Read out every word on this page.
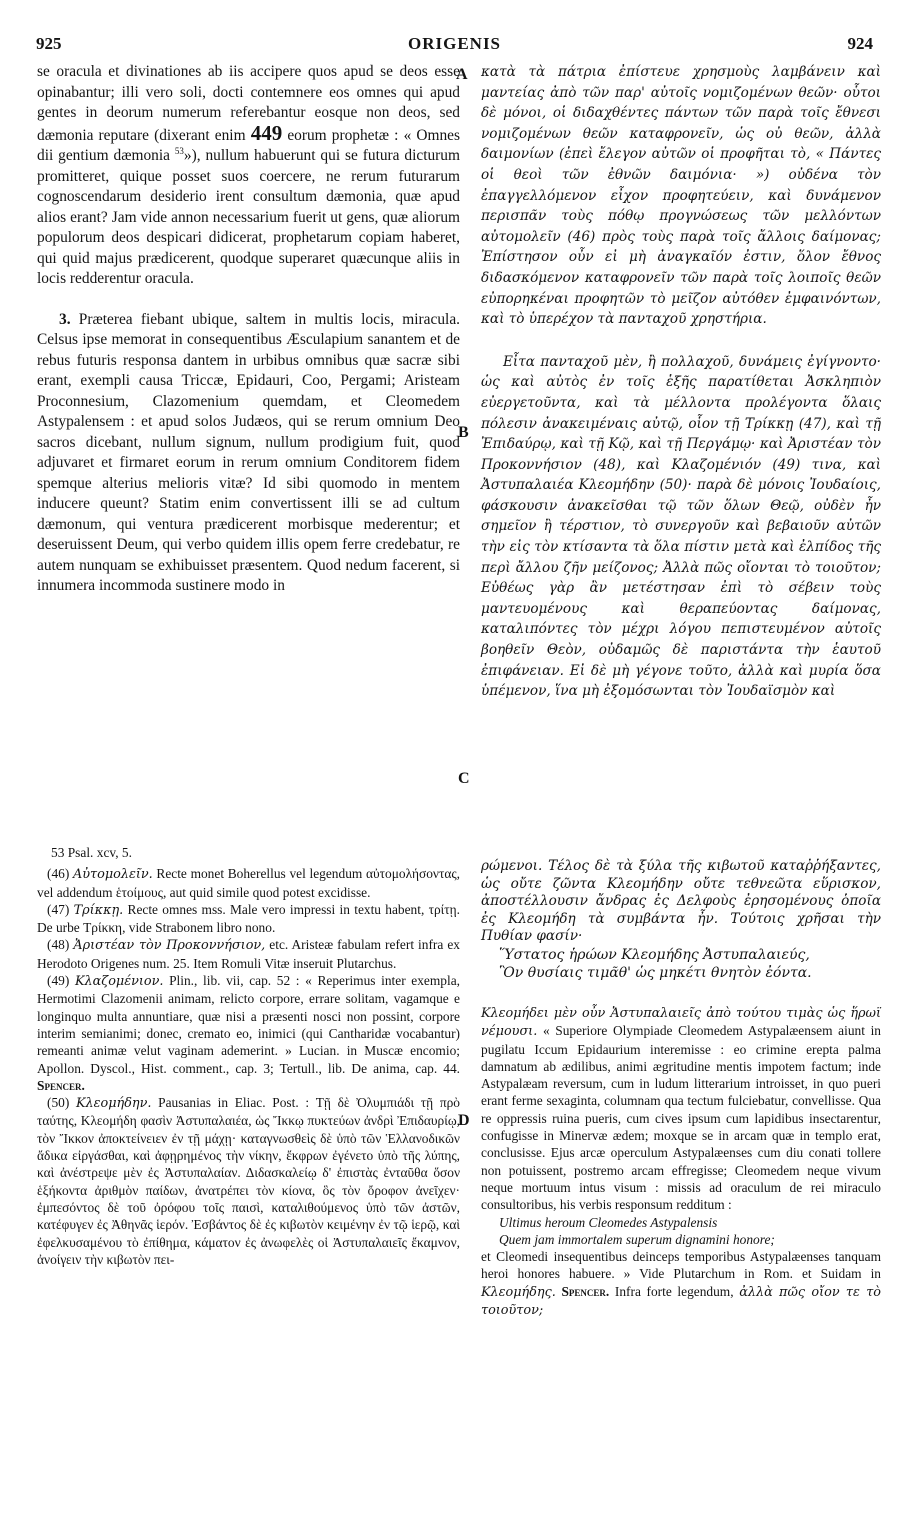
925	ORIGENIS	924

se oracula et divinationes ab iis accipere quos apud se deos esse opinabantur; illi vero soli, docti contemnere eos omnes qui apud gentes in deorum numerum referebantur eosque non deos, sed dæmonia reputare (dixerant enim 449 eorum prophetæ : « Omnes dii gentium dæmonia $^{53}$»), nullum habuerunt qui se futura dicturum promitteret, quique posset suos coercere, ne rerum futurarum cognoscendarum desiderio irent consultum dæmonia, quæ apud alios erant? Jam vide annon necessarium fuerit ut gens, quæ aliorum populorum deos despicari didicerat, prophetarum copiam haberet, qui quid majus prædicerent, quodque superaret quæcunque aliis in locis redderentur oracula.

3. Præterea fiebant ubique, saltem in multis locis, miracula. Celsus ipse memorat in consequentibus Æsculapium sanantem et de rebus futuris responsa dantem in urbibus omnibus quæ sacræ sibi erant, exempli causa Triccæ, Epidauri, Coo, Pergami; Aristeam Proconnesium, Clazomenium quemdam, et Cleomedem Astypalensem : et apud solos Judæos, qui se rerum omnium Deo sacros dicebant, nullum signum, nullum prodigium fuit, quod adjuvaret et firmaret eorum in rerum omnium Conditorem fidem spemque alterius melioris vitæ? Id sibi quomodo in mentem inducere queunt? Statim enim convertissent illi se ad cultum dæmonum, qui ventura prædicerent morbisque mederentur; et deseruissent Deum, qui verbo quidem illis opem ferre credebatur, re autem nunquam se exhibuisset præsentem. Quod nedum facerent, si innumera incommoda sustinere modo in

κατὰ τὰ πάτρια ἐπίστευε χρησμοὺς λαμβάνειν καὶ μαντείας ἀπὸ τῶν παρ' αὐτοῖς νομιζομένων θεῶν· οὗτοι δὲ μόνοι, οἱ διδαχθέντες πάντων τῶν παρὰ τοῖς ἔθνεσι νομιζομένων θεῶν καταφρονεῖν, ὡς οὐ θεῶν, ἀλλὰ δαιμονίων (ἐπεὶ ἔλεγον αὐτῶν οἱ προφῆται τὸ, « Πάντες οἱ θεοὶ τῶν ἐθνῶν δαιμόνια· ») οὐδένα τὸν ἐπαγγελλόμενον εἶχον προφητεύειν, καὶ δυνάμενον περισπᾶν τοὺς πόθῳ προγνώσεως τῶν μελλόντων αὐτομολεῖν (46) πρὸς τοὺς παρὰ τοῖς ἄλλοις δαίμονας; Ἐπίστησον οὖν εἰ μὴ ἀναγκαῖόν ἐστιν, ὅλον ἔθνος διδασκόμενον καταφρονεῖν τῶν παρὰ τοῖς λοιποῖς θεῶν εὐπορηκέναι προφητῶν τὸ μεῖζον αὐτόθεν ἐμφαινόντων, καὶ τὸ ὑπερέχον τὰ πανταχοῦ χρηστήρια.

Εἶτα πανταχοῦ μὲν, ἢ πολλαχοῦ, δυνάμεις ἐγίγνοντο· ὡς καὶ αὐτὸς ἐν τοῖς ἑξῆς παρατίθεται Ἀσκληπιὸν εὐεργετοῦντα, καὶ τὰ μέλλοντα προλέγοντα ὅλαις πόλεσιν ἀνακειμέναις αὐτῷ, οἷον τῇ Τρίκκῃ (47), καὶ τῇ Ἐπιδαύρῳ, καὶ τῇ Κῷ, καὶ τῇ Περγάμῳ· καὶ Ἀριστέαν τὸν Προκοννήσιον (48), καὶ Κλαζομένιόν (49) τινα, καὶ Ἀστυπαλαιέα Κλεομήδην (50)· παρὰ δὲ μόνοις Ἰουδαίοις, φάσκουσιν ἀνακεῖσθαι τῷ τῶν ὅλων Θεῷ, οὐδὲν ἦν σημεῖον ἢ τέρστιον, τὸ συνεργοῦν καὶ βεβαιοῦν αὐτῶν τὴν εἰς τὸν κτίσαντα τὰ ὅλα πίστιν μετὰ καὶ ἐλπίδος τῆς περὶ ἄλλου ζῆν μείζονος; Ἀλλὰ πῶς οἴονται τὸ τοιοῦτον; Εὐθέως γὰρ ἂν μετέστησαν ἐπὶ τὸ σέβειν τοὺς μαντευομένους καὶ θεραπεύοντας δαίμονας, καταλιπόντες τὸν μέχρι λόγου πεπιστευμένον αὐτοῖς βοηθεῖν Θεὸν, οὐδαμῶς δὲ παριστάντα τὴν ἑαυτοῦ ἐπιφάνειαν. Εἰ δὲ μὴ γέγονε τοῦτο, ἀλλὰ καὶ μυρία ὅσα ὑπέμενον, ἵνα μὴ ἐξομόσωνται τὸν Ἰουδαϊσμὸν καὶ

A
B
C
D

53 Psal. xcv, 5.

(46) Αὐτομολεῖν. Recte monet Boherellus vel legendum αὐτομολήσοντας, vel addendum ἑτοίμους, aut quid simile quod potest excidisse.

(47) Τρίκκῃ. Recte omnes mss. Male vero impressi in textu habent, τρίτῃ. De urbe Τρίκκη, vide Strabonem libro nono.

(48) Ἀριστέαν τὸν Προκοννήσιον, etc. Aristeæ fabulam refert infra ex Herodoto Origenes num. 25. Item Romuli Vitæ inseruit Plutarchus.

(49) Κλαζομένιον. Plin., lib. vii, cap. 52 : « Reperimus inter exempla, Hermotimi Clazomenii animam, relicto corpore, errare solitam, vagamque e longinquo multa annuntiare, quæ nisi a præsenti nosci non possint, corpore interim semianimi; donec, cremato eo, inimici (qui Cantharidæ vocabantur) remeanti animæ velut vaginam ademerint. » Lucian. in Muscæ encomio; Apollon. Dyscol., Hist. comment., cap. 3; Tertull., lib. De anima, cap. 44. Spencer.

(50) Κλεομήδην. Pausanias in Eliac. Post. : Τῇ δὲ Ὀλυμπιάδι τῇ πρὸ ταύτης, Κλεομήδη φασὶν Ἀστυπαλαιέα, ὡς Ἴκκῳ πυκτεύων ἀνδρὶ Ἐπιδαυρίῳ, τὸν Ἴκκον ἀποκτείνειεν ἐν τῇ μάχῃ· καταγνωσθεὶς δὲ ὑπὸ τῶν Ἑλλανοδικῶν ἄδικα εἰργάσθαι, καὶ ἀφῃρημένος τὴν νίκην, ἔκφρων ἐγένετο ὑπὸ τῆς λύπης, καὶ ἀνέστρεψε μὲν ἐς Ἀστυπαλαίαν. Διδασκαλείῳ δ' ἐπιστὰς ἐνταῦθα ὅσον ἑξήκοντα ἀριθμὸν παίδων, ἀνατρέπει τὸν κίονα, ὃς τὸν ὄροφον ἀνεῖχεν· ἐμπεσόντος δὲ τοῦ ὀρόφου τοῖς παισὶ, καταλιθούμενος ὑπὸ τῶν ἀστῶν, κατέφυγεν ἐς Ἀθηνᾶς ἱερόν. Ἐσβάντος δὲ ἐς κιβωτὸν κειμένην ἐν τῷ ἱερῷ, καὶ ἐφελκυσαμένου τὸ ἐπίθημα, κάματον ἐς ἀνωφελὲς οἱ Ἀστυπαλαιεῖς ἔκαμνον, ἀνοίγειν τὴν κιβωτὸν πει-

ρώμενοι. Τέλος δὲ τὰ ξύλα τῆς κιβωτοῦ καταῤῥήξαντες, ὡς οὔτε ζῶντα Κλεομήδην οὔτε τεθνεῶτα εὕρισκον, ἀποστέλλουσιν ἄνδρας ἐς Δελφοὺς ἐρησομένους ὁποῖα ἐς Κλεομήδη τὰ συμβάντα ἦν. Τούτοις χρῆσαι τὴν Πυθίαν φασίν·

Ὕστατος ἡρώων Κλεομήδης Ἀστυπαλαιεύς,

Ὃν θυσίαις τιμᾶθ' ὡς μηκέτι θνητὸν ἐόντα.

Κλεομήδει μὲν οὖν Ἀστυπαλαιεῖς ἀπὸ τούτου τιμὰς ὡς ἥρωϊ νέμουσι. « Superiore Olympiade Cleomedem Astypalæensem aiunt in pugilatu Iccum Epidaurium interemisse : eo crimine erepta palma damnatum ab ædilibus, animi ægritudine mentis impotem factum; inde Astypalæam reversum, cum in ludum litterarium introisset, in quo pueri erant ferme sexaginta, columnam qua tectum fulciebatur, convellisse. Qua re oppressis ruina pueris, cum cives ipsum cum lapidibus insectarentur, confugisse in Minervæ ædem; moxque se in arcam quæ in templo erat, conclusisse. Ejus arcæ operculum Astypalæenses cum diu conati tollere non potuissent, postremo arcam effregisse; Cleomedem neque vivum neque mortuum intus visum : missis ad oraculum de rei miraculo consultoribus, his verbis responsum redditum :

Ultimus heroum Cleomedes Astypalensis

Quem jam immortalem superum dignamini honore;

et Cleomedi insequentibus deinceps temporibus Astypalæenses tanquam heroi honores habuere. » Vide Plutarchum in Rom. et Suidam in Κλεομήδης. Spencer. Infra forte legendum, ἀλλὰ πῶς οἴον τε τὸ τοιοῦτον;
